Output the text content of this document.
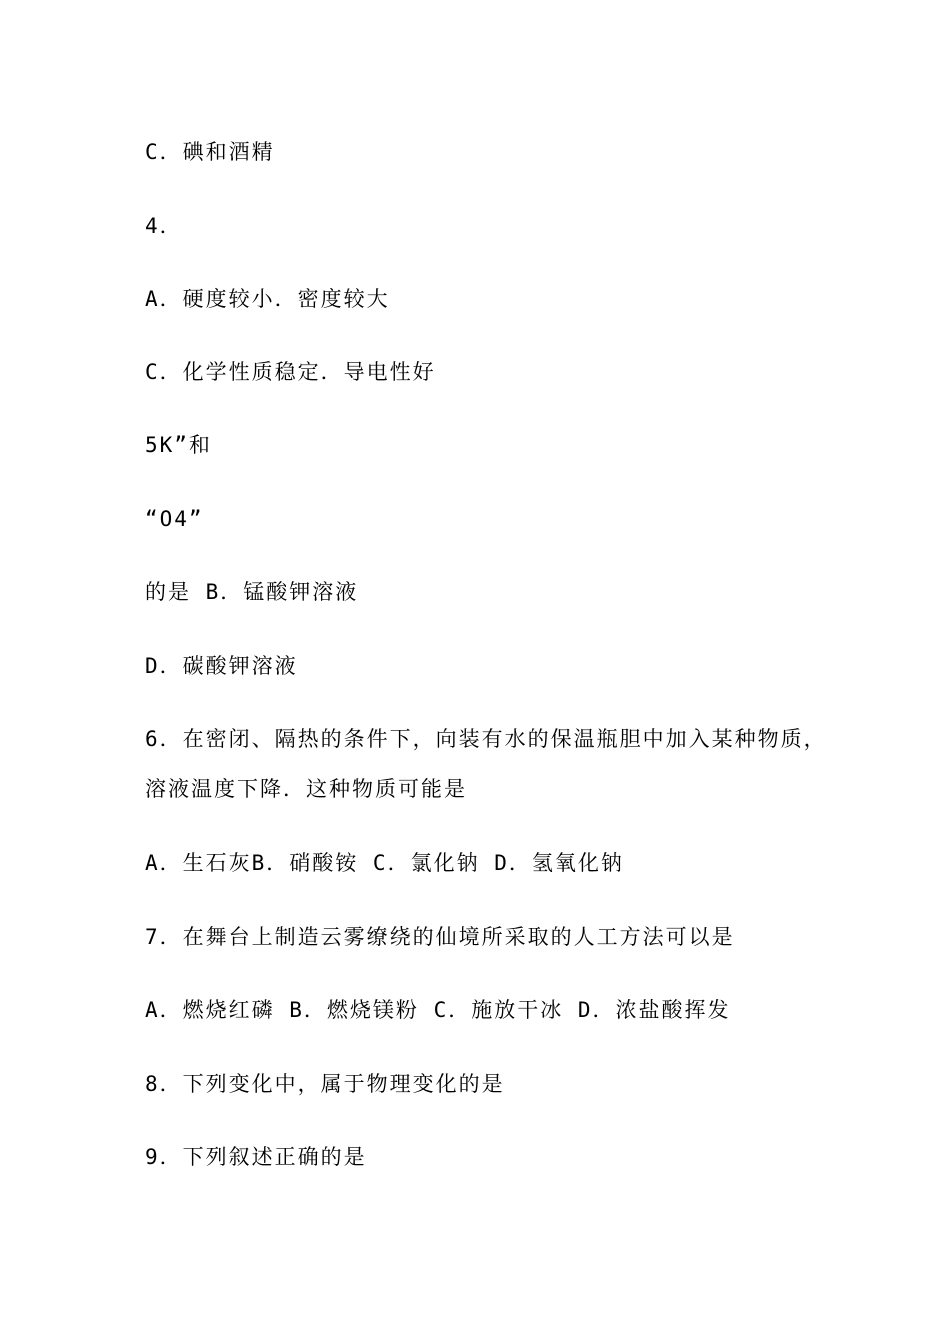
C．碘和酒精
4．
A．硬度较小．密度较大
C．化学性质稳定．导电性好
5K”和
“O4”
的是 B．锰酸钾溶液
D．碳酸钾溶液
6．在密闭、隔热的条件下，向装有水的保温瓶胆中加入某种物质，
溶液温度下降．这种物质可能是
A．生石灰B．硝酸铵 C．氯化钠 D．氢氧化钠
7．在舞台上制造云雾缭绕的仙境所采取的人工方法可以是
A．燃烧红磷 B．燃烧镁粉 C．施放干冰 D．浓盐酸挥发
8．下列变化中，属于物理变化的是
9．下列叙述正确的是
